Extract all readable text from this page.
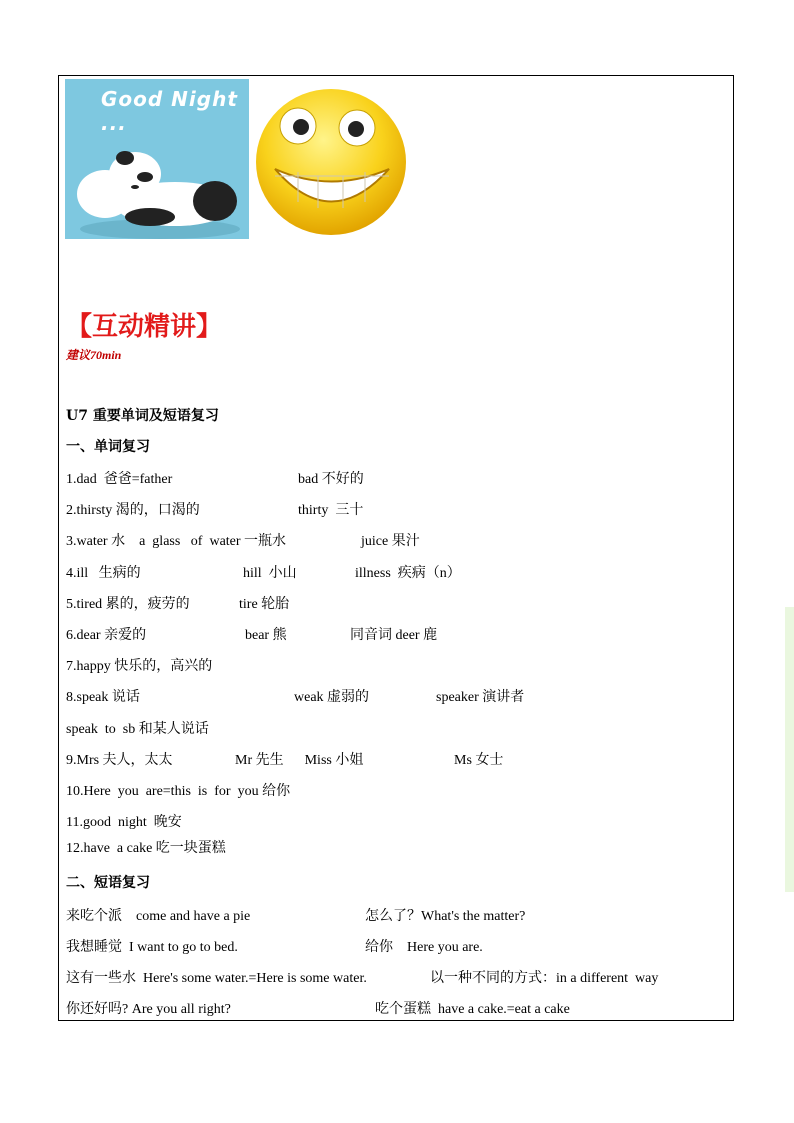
Good Night ...
【互动精讲】
建议70min
U7 重要单词及短语复习
一、单词复习
1.dad  爸爸=father	bad 不好的
2.thirsty 渴的，口渴的	thirty  三十
3.water 水    a  glass   of  water 一瓶水	juice 果汁
4.ill   生病的	hill  小山	illness  疾病（n）
5.tired 累的，疲劳的	tire 轮胎
6.dear 亲爱的	bear 熊	同音词 deer 鹿
7.happy 快乐的，高兴的
8.speak 说话	weak 虚弱的	speaker 演讲者
speak  to  sb 和某人说话
9.Mrs 夫人，太太	Mr 先生      Miss 小姐	Ms 女士
10.Here  you  are=this  is  for  you 给你
11.good  night  晚安
12.have  a cake 吃一块蛋糕
二、短语复习
来吃个派    come and have a pie	怎么了？What's the matter?
我想睡觉  I want to go to bed.	给你    Here you are.
这有一些水  Here's some water.=Here is some water.	以一种不同的方式：in a different  way
你还好吗? Are you all right?	吃个蛋糕  have a cake.=eat a cake
